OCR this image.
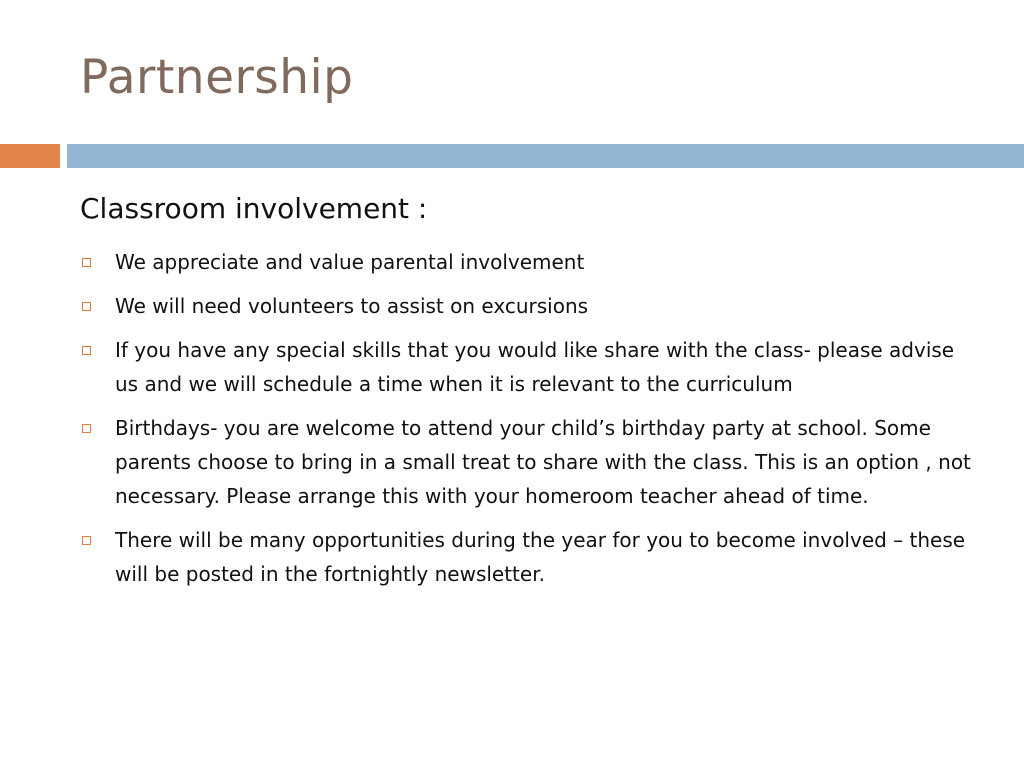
Partnership
Classroom involvement :
We appreciate and value parental involvement
We will need volunteers to assist on excursions
If you have any special skills that you would like share with the class- please advise us and we will schedule a time when it is relevant to the curriculum
Birthdays- you are welcome to attend your child’s birthday party at school. Some parents choose to bring in a small treat to share with the class. This is an option , not necessary. Please arrange this with your homeroom teacher ahead of time.
There will be many opportunities during the year for you to become involved – these will be posted in the fortnightly newsletter.
